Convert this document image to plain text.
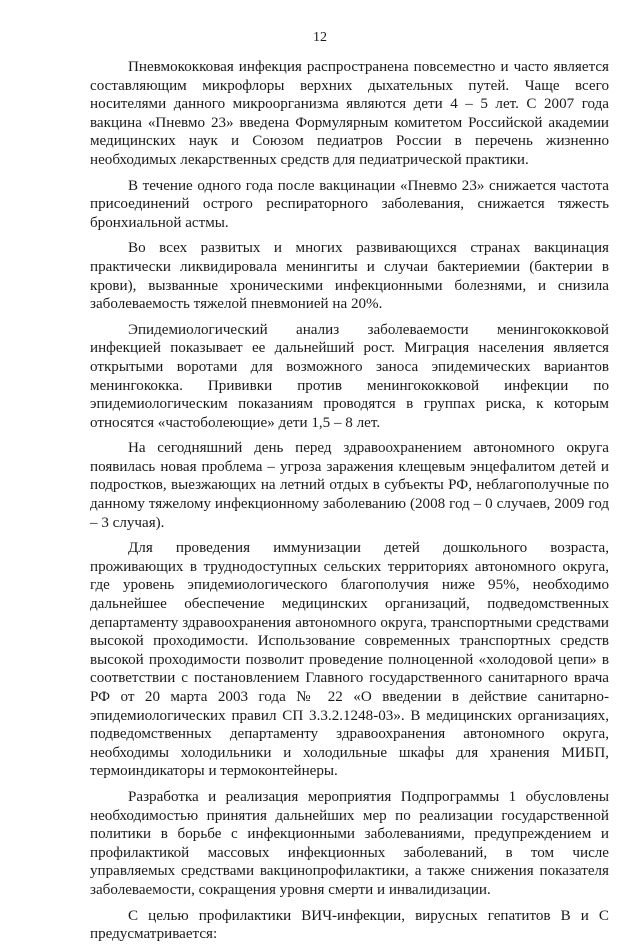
12

Пневмококковая инфекция распространена повсеместно и часто является составляющим микрофлоры верхних дыхательных путей. Чаще всего носителями данного микроорганизма являются дети 4 – 5 лет. С 2007 года вакцина «Пневмо 23» введена Формулярным комитетом Российской академии медицинских наук и Союзом педиатров России в перечень жизненно необходимых лекарственных средств для педиатрической практики.

В течение одного года после вакцинации «Пневмо 23» снижается частота присоединений острого респираторного заболевания, снижается тяжесть бронхиальной астмы.

Во всех развитых и многих развивающихся странах вакцинация практически ликвидировала менингиты и случаи бактериемии (бактерии в крови), вызванные хроническими инфекционными болезнями, и снизила заболеваемость тяжелой пневмонией на 20%.

Эпидемиологический анализ заболеваемости менингококковой инфекцией показывает ее дальнейший рост. Миграция населения является открытыми воротами для возможного заноса эпидемических вариантов менингококка. Прививки против менингококковой инфекции по эпидемиологическим показаниям проводятся в группах риска, к которым относятся «частоболеющие» дети 1,5 – 8 лет.

На сегодняшний день перед здравоохранением автономного округа появилась новая проблема – угроза заражения клещевым энцефалитом детей и подростков, выезжающих на летний отдых в субъекты РФ, неблагополучные по данному тяжелому инфекционному заболеванию (2008 год – 0 случаев, 2009 год – 3 случая).

Для проведения иммунизации детей дошкольного возраста, проживающих в труднодоступных сельских территориях автономного округа, где уровень эпидемиологического благополучия ниже 95%, необходимо дальнейшее обеспечение медицинских организаций, подведомственных департаменту здравоохранения автономного округа, транспортными средствами высокой проходимости. Использование современных транспортных средств высокой проходимости позволит проведение полноценной «холодовой цепи» в соответствии с постановлением Главного государственного санитарного врача РФ от 20 марта 2003 года № 22 «О введении в действие санитарно-эпидемиологических правил СП 3.3.2.1248-03». В медицинских организациях, подведомственных департаменту здравоохранения автономного округа, необходимы холодильники и холодильные шкафы для хранения МИБП, термоиндикаторы и термоконтейнеры.

Разработка и реализация мероприятия Подпрограммы 1 обусловлены необходимостью принятия дальнейших мер по реализации государственной политики в борьбе с инфекционными заболеваниями, предупреждением и профилактикой массовых инфекционных заболеваний, в том числе управляемых средствами вакцинопрофилактики, а также снижения показателя заболеваемости, сокращения уровня смерти и инвалидизации.

С целью профилактики ВИЧ-инфекции, вирусных гепатитов В и С предусматривается:
